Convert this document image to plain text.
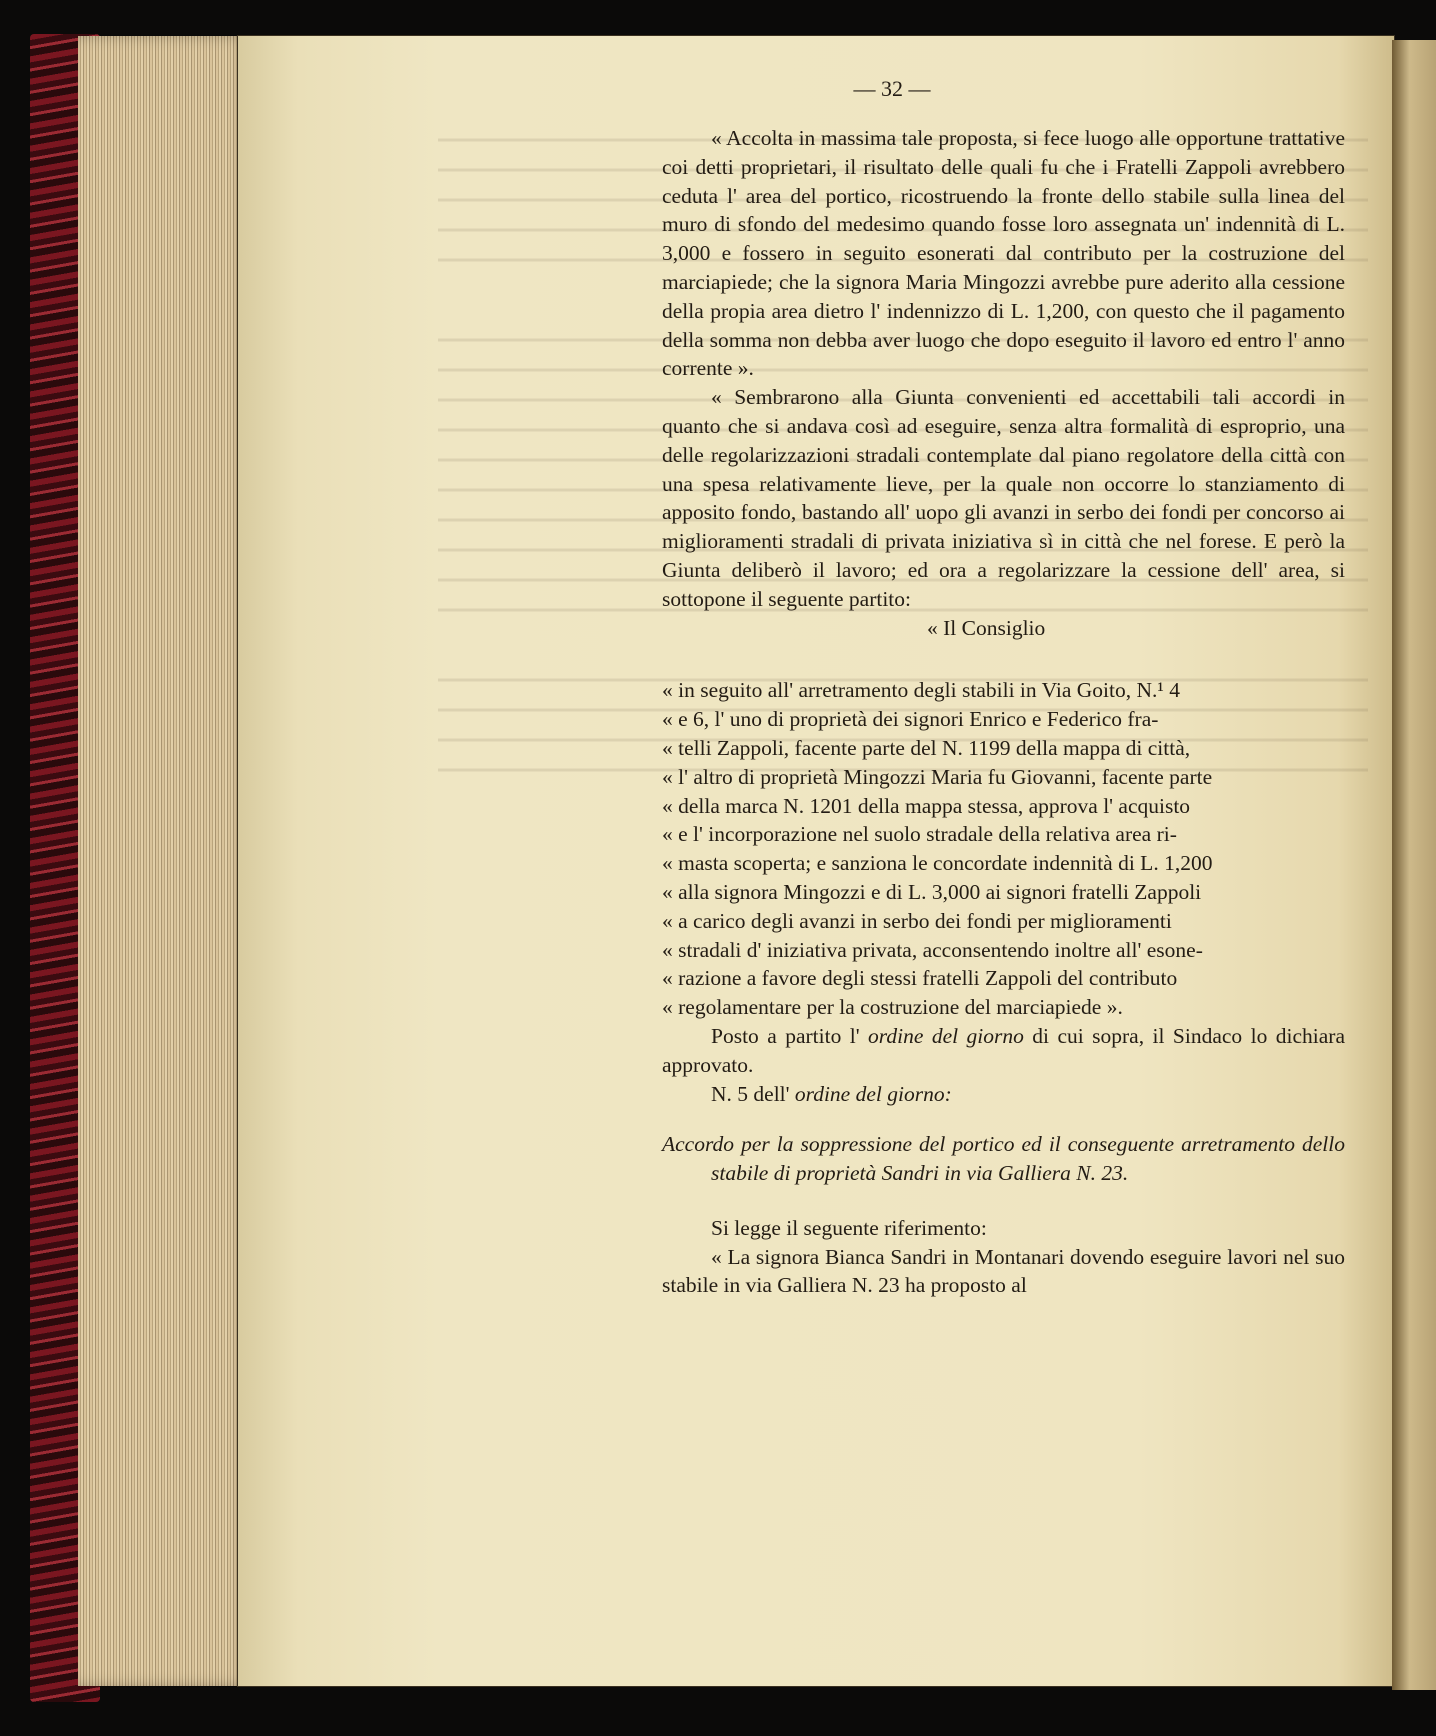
— 32 —

« Accolta in massima tale proposta, si fece luogo alle opportune trattative coi detti proprietari, il risultato delle quali fu che i Fratelli Zappoli avrebbero ceduta l' area del portico, ricostruendo la fronte dello stabile sulla linea del muro di sfondo del medesimo quando fosse loro assegnata un' indennità di L. 3,000 e fossero in seguito esonerati dal contributo per la costruzione del marciapiede; che la signora Maria Mingozzi avrebbe pure aderito alla cessione della propia area dietro l' indennizzo di L. 1,200, con questo che il pagamento della somma non debba aver luogo che dopo eseguito il lavoro ed entro l' anno corrente ».

« Sembrarono alla Giunta convenienti ed accettabili tali accordi in quanto che si andava così ad eseguire, senza altra formalità di esproprio, una delle regolarizzazioni stradali contemplate dal piano regolatore della città con una spesa relativamente lieve, per la quale non occorre lo stanziamento di apposito fondo, bastando all' uopo gli avanzi in serbo dei fondi per concorso ai miglioramenti stradali di privata iniziativa sì in città che nel forese. E però la Giunta deliberò il lavoro; ed ora a regolarizzare la cessione dell' area, si sottopone il seguente partito:

« Il Consiglio

« in seguito all' arretramento degli stabili in Via Goito, N.¹ 4

« e 6, l' uno di proprietà dei signori Enrico e Federico fra-

« telli Zappoli, facente parte del N. 1199 della mappa di città,

« l' altro di proprietà Mingozzi Maria fu Giovanni, facente parte

« della marca N. 1201 della mappa stessa, approva l' acquisto

« e l' incorporazione nel suolo stradale della relativa area ri-

« masta scoperta; e sanziona le concordate indennità di L. 1,200

« alla signora Mingozzi e di L. 3,000 ai signori fratelli Zappoli

« a carico degli avanzi in serbo dei fondi per miglioramenti

« stradali d' iniziativa privata, acconsentendo inoltre all' esone-

« razione a favore degli stessi fratelli Zappoli del contributo

« regolamentare per la costruzione del marciapiede ».

Posto a partito l' ordine del giorno di cui sopra, il Sindaco lo dichiara approvato.

N. 5 dell' ordine del giorno:

Accordo per la soppressione del portico ed il conseguente arretramento dello stabile di proprietà Sandri in via Galliera N. 23.

Si legge il seguente riferimento:

« La signora Bianca Sandri in Montanari dovendo eseguire lavori nel suo stabile in via Galliera N. 23 ha proposto al
